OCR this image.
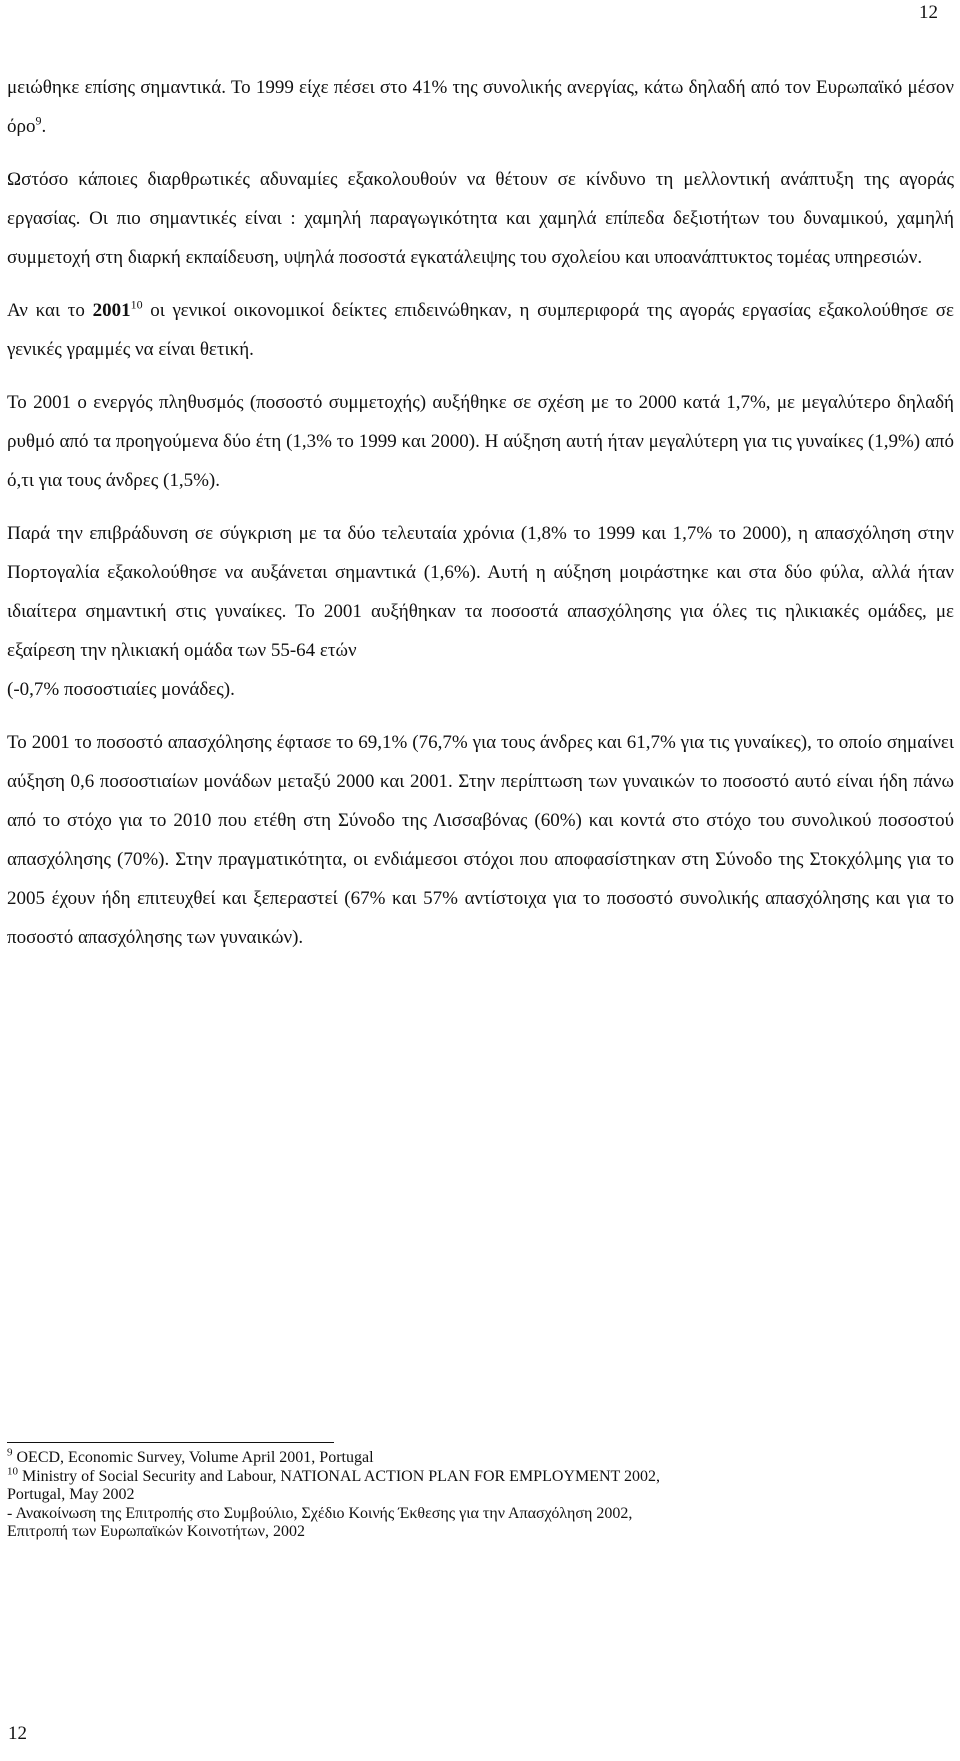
12

μειώθηκε επίσης σημαντικά. Το 1999 είχε πέσει στο 41% της συνολικής ανεργίας, κάτω δηλαδή από τον Ευρωπαϊκό μέσον όρο$^9$.

Ωστόσο κάποιες διαρθρωτικές αδυναμίες εξακολουθούν να θέτουν σε κίνδυνο τη μελλοντική ανάπτυξη της αγοράς εργασίας. Οι πιο σημαντικές είναι : χαμηλή παραγωγικότητα και χαμηλά επίπεδα δεξιοτήτων του δυναμικού, χαμηλή συμμετοχή στη διαρκή εκπαίδευση, υψηλά ποσοστά εγκατάλειψης του σχολείου και υποανάπτυκτος τομέας υπηρεσιών.

Αν και το 2001$^{10}$ οι γενικοί οικονομικοί δείκτες επιδεινώθηκαν, η συμπεριφορά της αγοράς εργασίας εξακολούθησε σε γενικές γραμμές να είναι θετική.

Το 2001 ο ενεργός πληθυσμός (ποσοστό συμμετοχής) αυξήθηκε σε σχέση με το 2000 κατά 1,7%, με μεγαλύτερο δηλαδή ρυθμό από τα προηγούμενα δύο έτη (1,3% το 1999 και 2000). Η αύξηση αυτή ήταν μεγαλύτερη για τις γυναίκες (1,9%) από ό,τι για τους άνδρες (1,5%).

Παρά την επιβράδυνση σε σύγκριση με τα δύο τελευταία χρόνια (1,8% το 1999 και 1,7% το 2000), η απασχόληση στην Πορτογαλία εξακολούθησε να αυξάνεται σημαντικά (1,6%). Αυτή η αύξηση μοιράστηκε και στα δύο φύλα, αλλά ήταν ιδιαίτερα σημαντική στις γυναίκες. Το 2001 αυξήθηκαν τα ποσοστά απασχόλησης για όλες τις ηλικιακές ομάδες, με εξαίρεση την ηλικιακή ομάδα των 55-64 ετών
(-0,7% ποσοστιαίες μονάδες).

Το 2001 το ποσοστό απασχόλησης έφτασε το 69,1% (76,7% για τους άνδρες και 61,7% για τις γυναίκες), το οποίο σημαίνει αύξηση 0,6 ποσοστιαίων μονάδων μεταξύ 2000 και 2001. Στην περίπτωση των γυναικών το ποσοστό αυτό είναι ήδη πάνω από το στόχο για το 2010 που ετέθη στη Σύνοδο της Λισσαβόνας (60%) και κοντά στο στόχο του συνολικού ποσοστού απασχόλησης (70%). Στην πραγματικότητα, οι ενδιάμεσοι στόχοι που αποφασίστηκαν στη Σύνοδο της Στοκχόλμης για το 2005 έχουν ήδη επιτευχθεί και ξεπεραστεί (67% και 57% αντίστοιχα για το ποσοστό συνολικής απασχόλησης και για το ποσοστό απασχόλησης των γυναικών).

$^9$ OECD, Economic Survey, Volume April 2001, Portugal
$^{10}$ Ministry of Social Security and Labour, NATIONAL ACTION PLAN FOR EMPLOYMENT 2002,
Portugal, May 2002
- Ανακοίνωση της Επιτροπής στο Συμβούλιο, Σχέδιο Κοινής Έκθεσης για την Απασχόληση 2002,
Επιτροπή των Ευρωπαϊκών Κοινοτήτων, 2002
12
